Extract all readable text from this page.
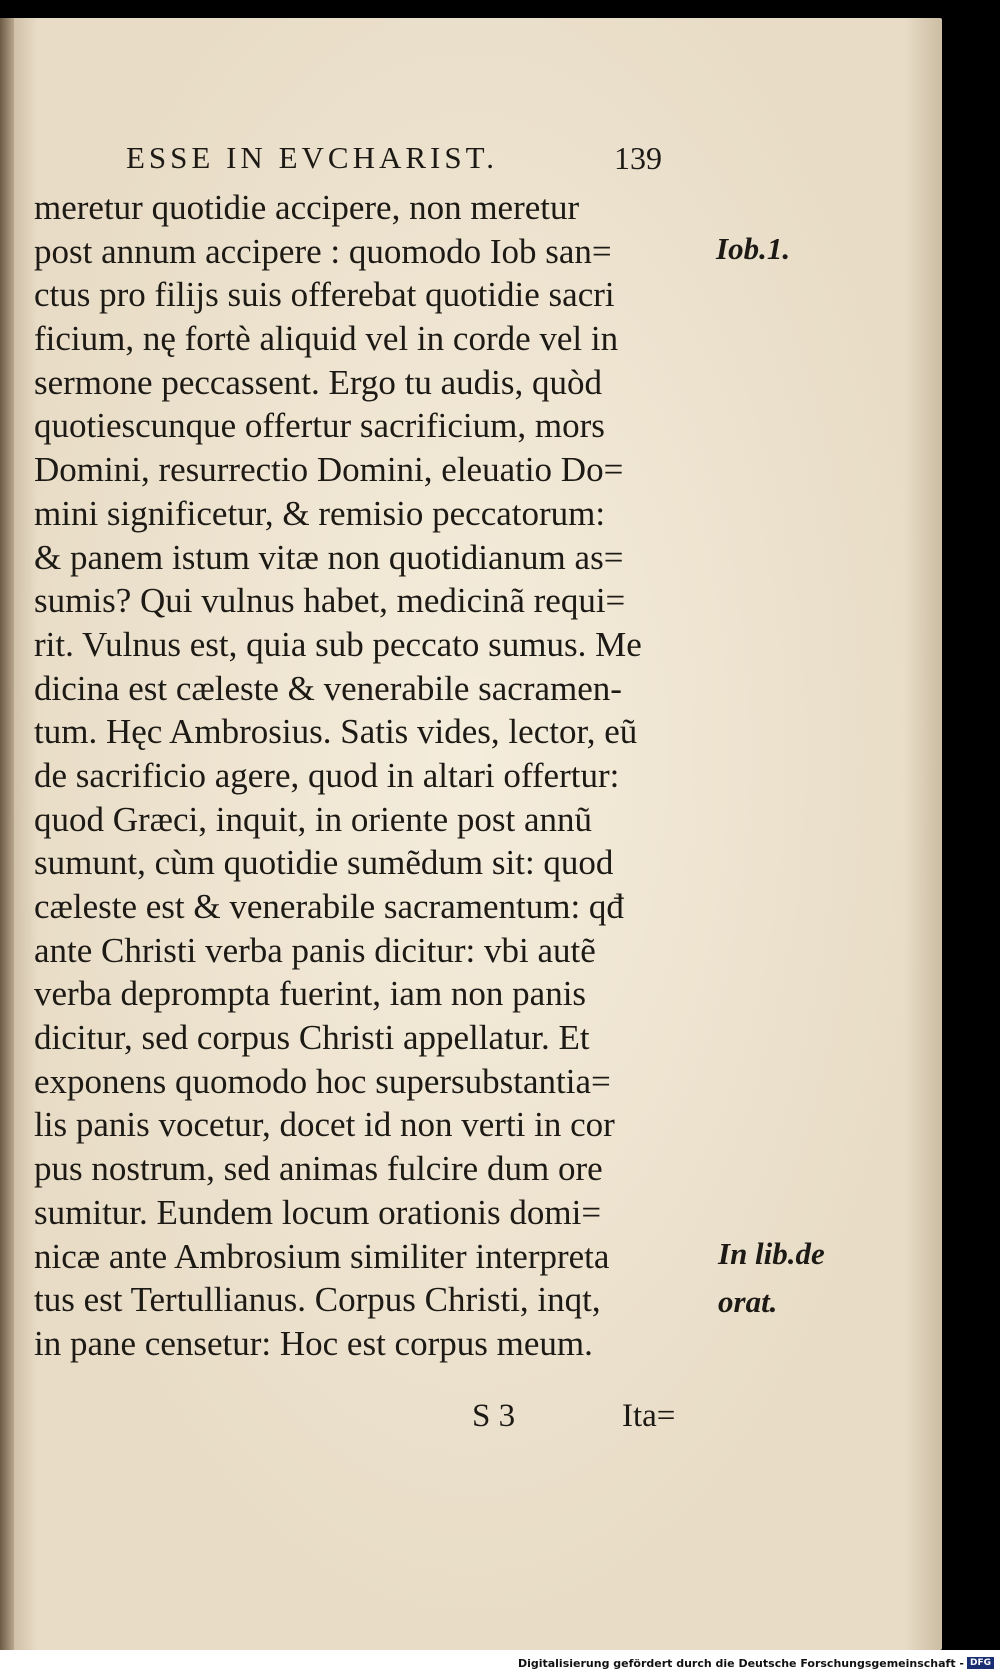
ESSE IN EVCHARIST.	139
meretur quotidie accipere, non meretur
post annum accipere : quomodo Iob san=
ctus pro filijs suis offerebat quotidie sacri
ficium, nę fortè aliquid vel in corde vel in
sermone peccassent. Ergo tu audis, quòd
quotiescunque offertur sacrificium, mors
Domini, resurrectio Domini, eleuatio Do=
mini significetur, & remisio peccatorum:
& panem istum vitæ non quotidianum as=
sumis? Qui vulnus habet, medicinã requi=
rit. Vulnus est, quia sub peccato sumus. Me
dicina est cæleste & venerabile sacramen-
tum. Hęc Ambrosius. Satis vides, lector, eũ
de sacrificio agere, quod in altari offertur:
quod Græci, inquit, in oriente post annũ
sumunt, cùm quotidie sumẽdum sit: quod
cæleste est & venerabile sacramentum: qđ
ante Christi verba panis dicitur: vbi autẽ
verba deprompta fuerint, iam non panis
dicitur, sed corpus Christi appellatur. Et
exponens quomodo hoc supersubstantia=
lis panis vocetur, docet id non verti in cor
pus nostrum, sed animas fulcire dum ore
sumitur. Eundem locum orationis domi=
nicæ ante Ambrosium similiter interpreta
tus est Tertullianus. Corpus Christi, inqt,
in pane censetur: Hoc est corpus meum.
Iob.1.
In lib.de
orat.
S 3	Ita=
Digitalisierung gefördert durch die Deutsche Forschungsgemeinschaft - DFG
